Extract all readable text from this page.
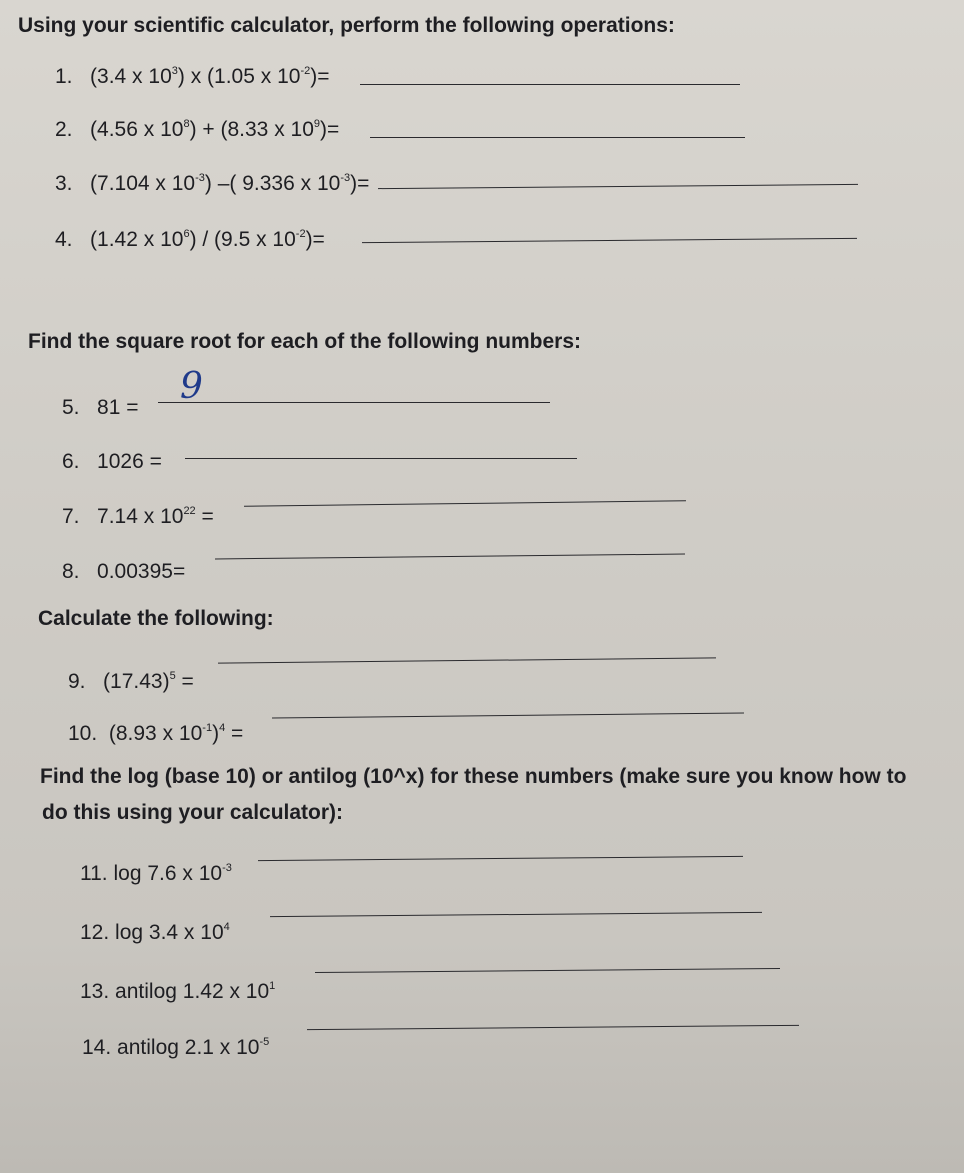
Using your scientific calculator, perform the following operations:
1. (3.4 x $10^3$) x (1.05 x $10^{-2})=$
2. (4.56 x $10^8) + (8.33$ x $10^9)=$
3. (7.104 x $10^{-3}$) –( 9.336 x $10^{-3})=$
4. (1.42 x $10^6) / (9.5$ x $10^{-2})=$
Find the square root for each of the following numbers:
5. 81 =
9
6. 1026 =
7. 7.14 x $10^{22}$ =
8. 0.00395=
Calculate the following:
9. $(17.43)^5$ =
10. (8.93 x $10^{-1})^4$ =
Find the log (base 10) or antilog (10^x) for these numbers (make sure you know how to
do this using your calculator):
11. log 7.6 x $10^{-3}$
12. log 3.4 x $10^4$
13. antilog 1.42 x $10^1$
14. antilog 2.1 x $10^{-5}$
